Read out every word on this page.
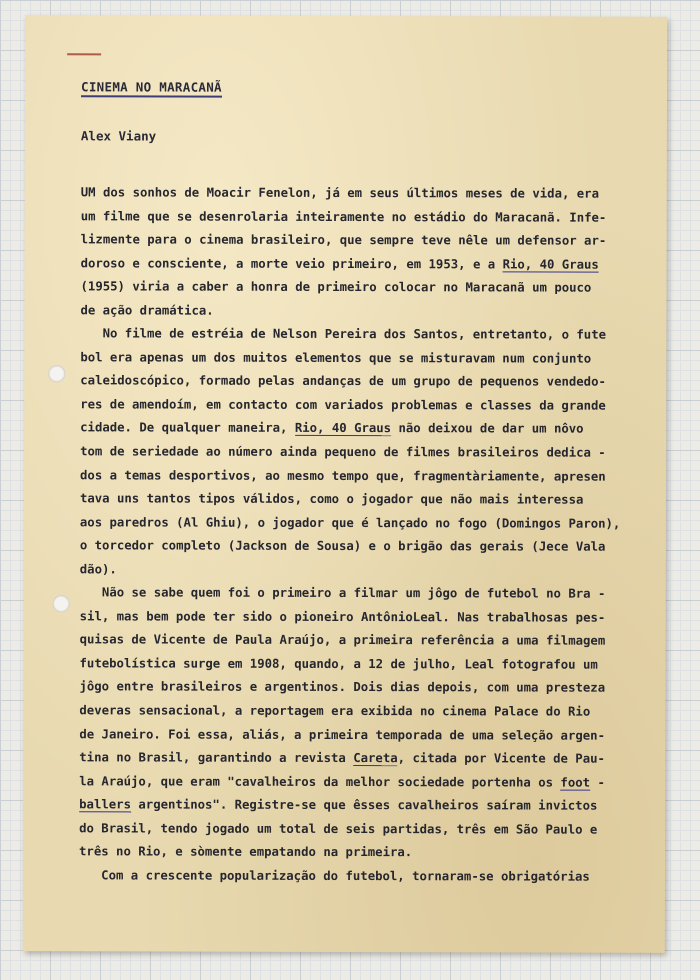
CINEMA NO MARACANÃ
Alex Viany
UM dos sonhos de Moacir Fenelon, já em seus últimos meses de vida, era
um filme que se desenrolaria inteiramente no estádio do Maracanã. Infe-
lizmente para o cinema brasileiro, que sempre teve nêle um defensor ar-
doroso e consciente, a morte veio primeiro, em 1953, e a Rio, 40 Graus
(1955) viria a caber a honra de primeiro colocar no Maracanã um pouco
de ação dramática.
No filme de estréia de Nelson Pereira dos Santos, entretanto, o fute
bol era apenas um dos muitos elementos que se misturavam num conjunto
caleidoscópico, formado pelas andanças de um grupo de pequenos vendedo-
res de amendoím, em contacto com variados problemas e classes da grande
cidade. De qualquer maneira, Rio, 40 Graus não deixou de dar um nôvo
tom de seriedade ao número ainda pequeno de filmes brasileiros dedica -
dos a temas desportivos, ao mesmo tempo que, fragmentàriamente, apresen
tava uns tantos tipos válidos, como o jogador que não mais interessa
aos paredros (Al Ghiu), o jogador que é lançado no fogo (Domingos Paron),
o torcedor completo (Jackson de Sousa) e o brigão das gerais (Jece Vala
dão).
Não se sabe quem foi o primeiro a filmar um jôgo de futebol no Bra -
sil, mas bem pode ter sido o pioneiro AntônioLeal. Nas trabalhosas pes-
quisas de Vicente de Paula Araújo, a primeira referência a uma filmagem
futebolística surge em 1908, quando, a 12 de julho, Leal fotografou um
jôgo entre brasileiros e argentinos. Dois dias depois, com uma presteza
deveras sensacional, a reportagem era exibida no cinema Palace do Rio
de Janeiro. Foi essa, aliás, a primeira temporada de uma seleção argen-
tina no Brasil, garantindo a revista Careta, citada por Vicente de Pau-
la Araújo, que eram "cavalheiros da melhor sociedade portenha os foot -
ballers argentinos". Registre-se que êsses cavalheiros saíram invictos
do Brasil, tendo jogado um total de seis partidas, três em São Paulo e
três no Rio, e sòmente empatando na primeira.
Com a crescente popularização do futebol, tornaram-se obrigatórias
